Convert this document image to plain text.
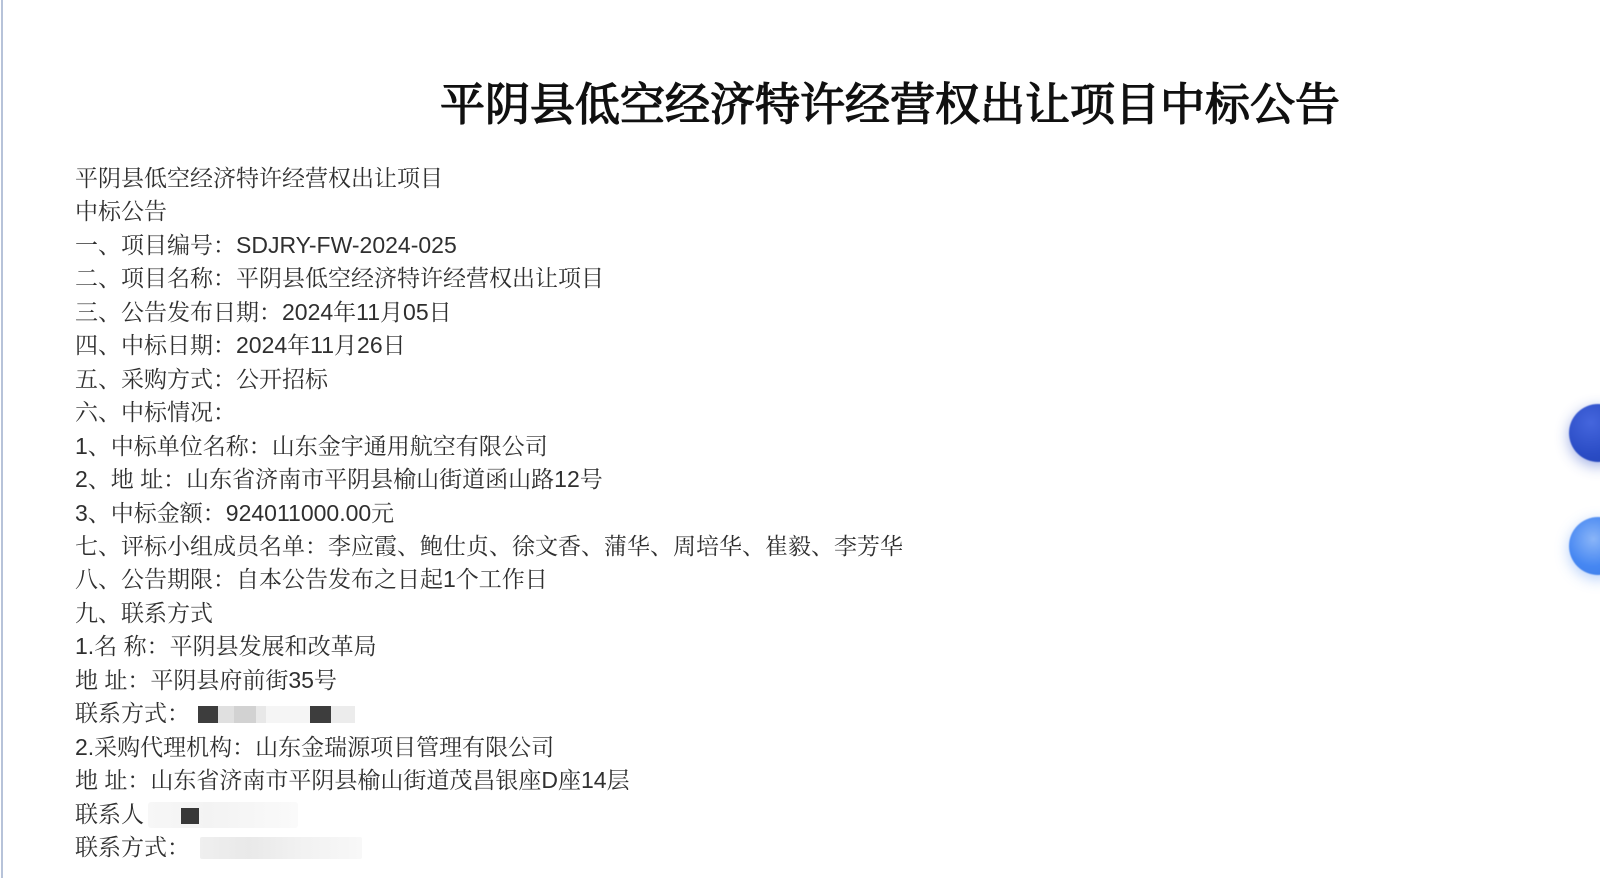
平阴县低空经济特许经营权出让项目中标公告
平阴县低空经济特许经营权出让项目
中标公告
一、项目编号：SDJRY-FW-2024-025
二、项目名称：平阴县低空经济特许经营权出让项目
三、公告发布日期：2024年11月05日
四、中标日期：2024年11月26日
五、采购方式：公开招标
六、中标情况：
1、中标单位名称：山东金宇通用航空有限公司
2、地 址：山东省济南市平阴县榆山街道函山路12号
3、中标金额：924011000.00元
七、评标小组成员名单：李应霞、鲍仕贞、徐文香、蒲华、周培华、崔毅、李芳华
八、公告期限：自本公告发布之日起1个工作日
九、联系方式
1.名 称：平阴县发展和改革局
地 址：平阴县府前街35号
联系方式：
2.采购代理机构：山东金瑞源项目管理有限公司
地 址：山东省济南市平阴县榆山街道茂昌银座D座14层
联系人
联系方式：
